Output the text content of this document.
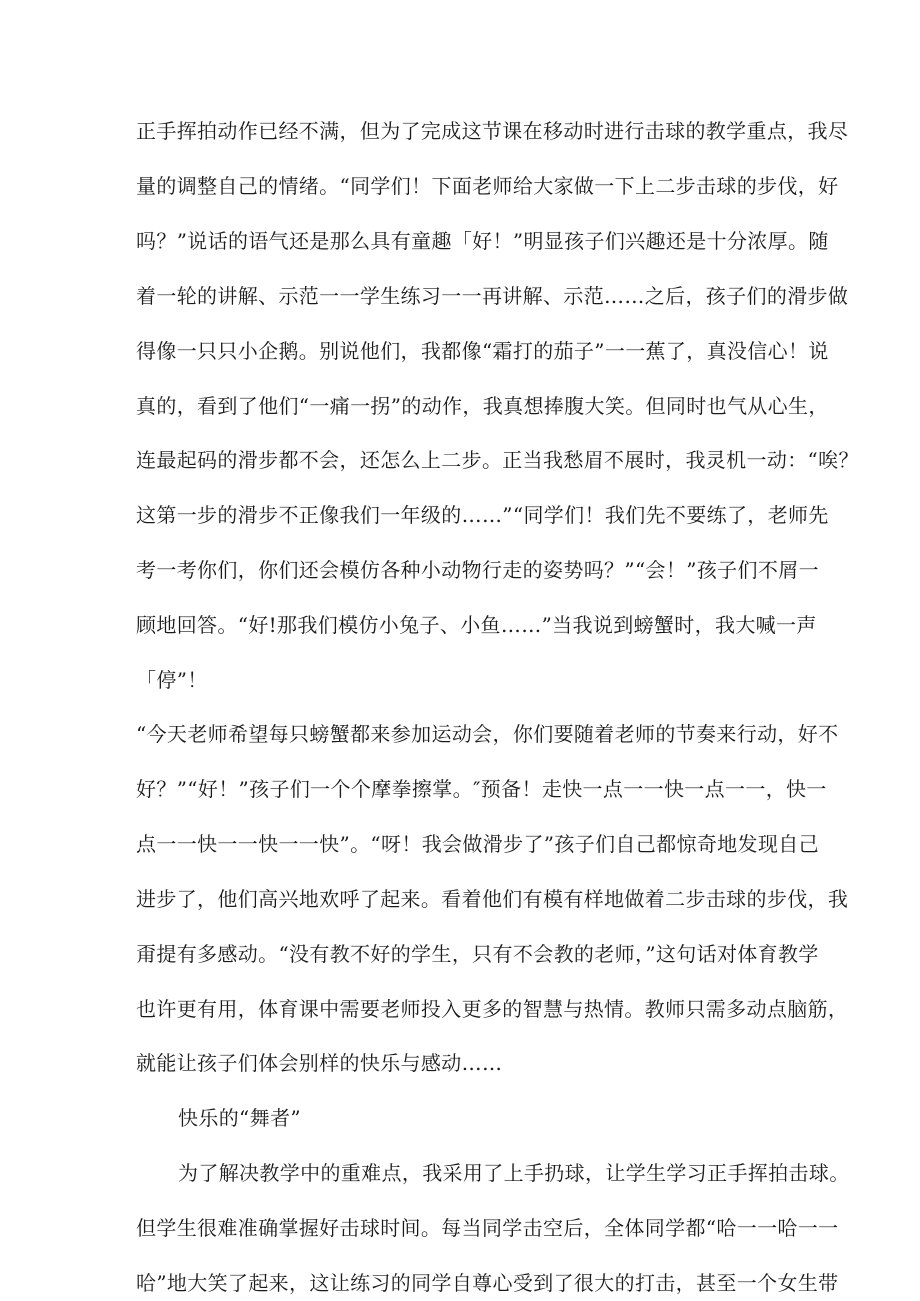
正手挥拍动作已经不满，但为了完成这节课在移动时进行击球的教学重点，我尽
量的调整自己的情绪。“同学们！下面老师给大家做一下上二步击球的步伐，好
吗？”说话的语气还是那么具有童趣「好！”明显孩子们兴趣还是十分浓厚。随
着一轮的讲解、示范一一学生练习一一再讲解、示范……之后，孩子们的滑步做
得像一只只小企鹅。别说他们，我都像“霜打的茄子”一一蕉了，真没信心！说
真的，看到了他们“一痛一拐”的动作，我真想捧腹大笑。但同时也气从心生，
连最起码的滑步都不会，还怎么上二步。正当我愁眉不展时，我灵机一动：“唉？
这第一步的滑步不正像我们一年级的……”“同学们！我们先不要练了，老师先
考一考你们，你们还会模仿各种小动物行走的姿势吗？”“会！”孩子们不屑一
顾地回答。“好!那我们模仿小兔子、小鱼……”当我说到螃蟹时，我大喊一声
「停”！
“今天老师希望每只螃蟹都来参加运动会，你们要随着老师的节奏来行动，好不
好？”“好！”孩子们一个个摩拳擦掌。″预备！走快一点一一快一点一一，快一
点一一快一一快一一快”。“呀！我会做滑步了”孩子们自己都惊奇地发现自己
进步了，他们高兴地欢呼了起来。看着他们有模有样地做着二步击球的步伐，我
甭提有多感动。“没有教不好的学生，只有不会教的老师，”这句话对体育教学
也许更有用，体育课中需要老师投入更多的智慧与热情。教师只需多动点脑筋，
就能让孩子们体会别样的快乐与感动……
快乐的“舞者”
为了解决教学中的重难点，我采用了上手扔球，让学生学习正手挥拍击球。
但学生很难准确掌握好击球时间。每当同学击空后，全体同学都“哈一一哈一一
哈”地大笑了起来，这让练习的同学自尊心受到了很大的打击，甚至一个女生带
